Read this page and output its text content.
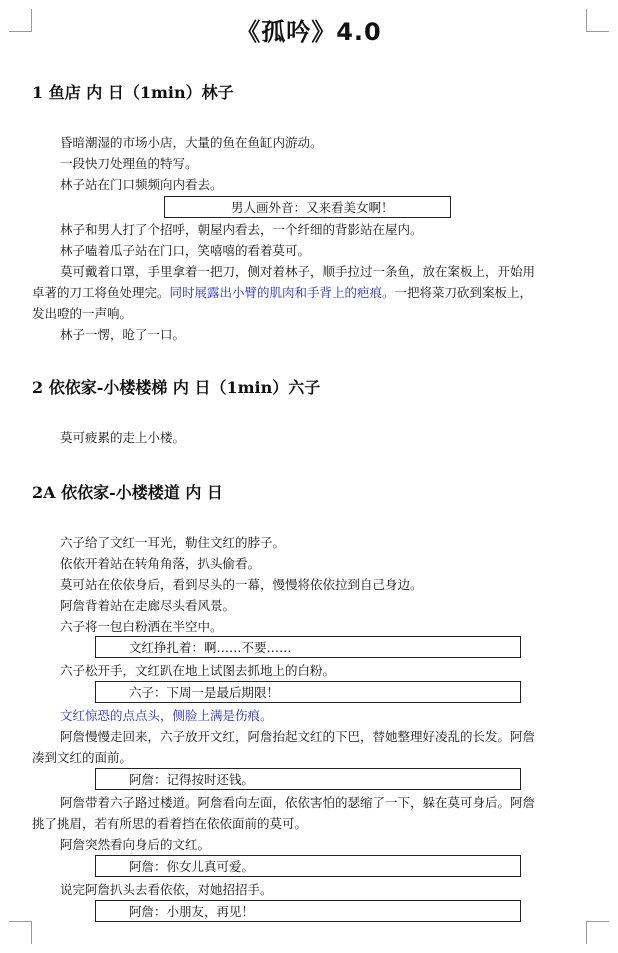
《孤吟》4.0
1 鱼店 内 日（1min）林子
昏暗潮湿的市场小店，大量的鱼在鱼缸内游动。
一段快刀处理鱼的特写。
林子站在门口频频向内看去。
男人画外音：又来看美女啊！
林子和男人打了个招呼，朝屋内看去，一个纤细的背影站在屋内。
林子嗑着瓜子站在门口，笑嘻嘻的看着莫可。
莫可戴着口罩，手里拿着一把刀，侧对着林子，顺手拉过一条鱼，放在案板上，开始用
卓著的刀工将鱼处理完。同时展露出小臂的肌肉和手背上的疤痕。一把将菜刀砍到案板上，
发出噔的一声响。
林子一愣，呛了一口。
2 依依家-小楼楼梯 内 日（1min）六子
莫可疲累的走上小楼。
2A 依依家-小楼楼道 内 日
六子给了文红一耳光，勒住文红的脖子。
依依开着站在转角角落，扒头偷看。
莫可站在依依身后，看到尽头的一幕，慢慢将依依拉到自己身边。
阿詹背着站在走廊尽头看风景。
六子将一包白粉洒在半空中。
文红挣扎着：啊……不要……
六子松开手，文红趴在地上试图去抓地上的白粉。
六子：下周一是最后期限！
文红惊恐的点点头，侧脸上满是伤痕。
阿詹慢慢走回来，六子放开文红，阿詹抬起文红的下巴，替她整理好凌乱的长发。阿詹
凑到文红的面前。
阿詹：记得按时还钱。
阿詹带着六子路过楼道。阿詹看向左面，依依害怕的瑟缩了一下，躲在莫可身后。阿詹
挑了挑眉，若有所思的看着挡在依依面前的莫可。
阿詹突然看向身后的文红。
阿詹：你女儿真可爱。
说完阿詹扒头去看依依，对她招招手。
阿詹：小朋友，再见！
